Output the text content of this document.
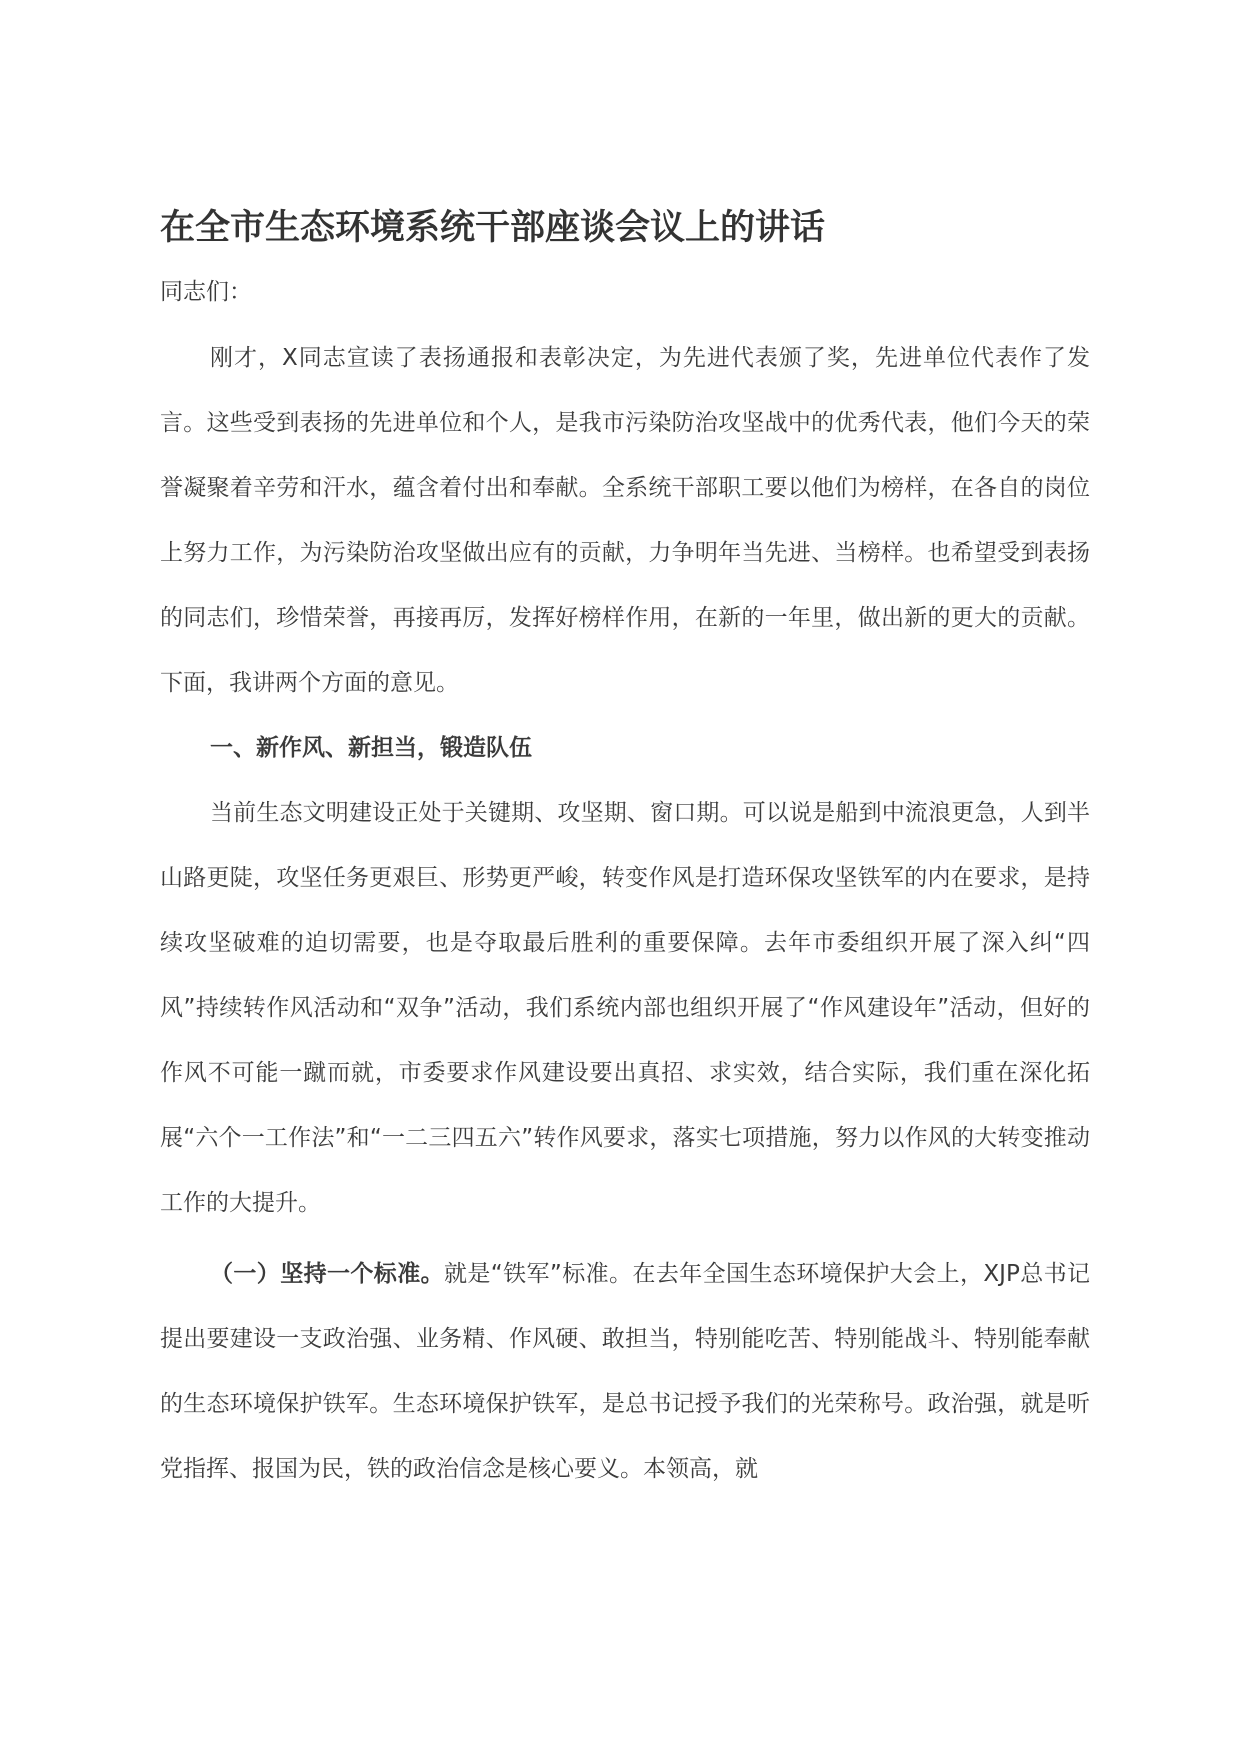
在全市生态环境系统干部座谈会议上的讲话

同志们：

刚才，X同志宣读了表扬通报和表彰决定，为先进代表颁了奖，先进单位代表作了发言。这些受到表扬的先进单位和个人，是我市污染防治攻坚战中的优秀代表，他们今天的荣誉凝聚着辛劳和汗水，蕴含着付出和奉献。全系统干部职工要以他们为榜样，在各自的岗位上努力工作，为污染防治攻坚做出应有的贡献，力争明年当先进、当榜样。也希望受到表扬的同志们，珍惜荣誉，再接再厉，发挥好榜样作用，在新的一年里，做出新的更大的贡献。下面，我讲两个方面的意见。

一、新作风、新担当，锻造队伍

当前生态文明建设正处于关键期、攻坚期、窗口期。可以说是船到中流浪更急，人到半山路更陡，攻坚任务更艰巨、形势更严峻，转变作风是打造环保攻坚铁军的内在要求，是持续攻坚破难的迫切需要，也是夺取最后胜利的重要保障。去年市委组织开展了深入纠“四风”持续转作风活动和“双争”活动，我们系统内部也组织开展了“作风建设年”活动，但好的作风不可能一蹴而就，市委要求作风建设要出真招、求实效，结合实际，我们重在深化拓展“六个一工作法”和“一二三四五六”转作风要求，落实七项措施，努力以作风的大转变推动工作的大提升。

（一）坚持一个标准。就是“铁军”标准。在去年全国生态环境保护大会上，XJP总书记提出要建设一支政治强、业务精、作风硬、敢担当，特别能吃苦、特别能战斗、特别能奉献的生态环境保护铁军。生态环境保护铁军，是总书记授予我们的光荣称号。政治强，就是听党指挥、报国为民，铁的政治信念是核心要义。本领高，就
